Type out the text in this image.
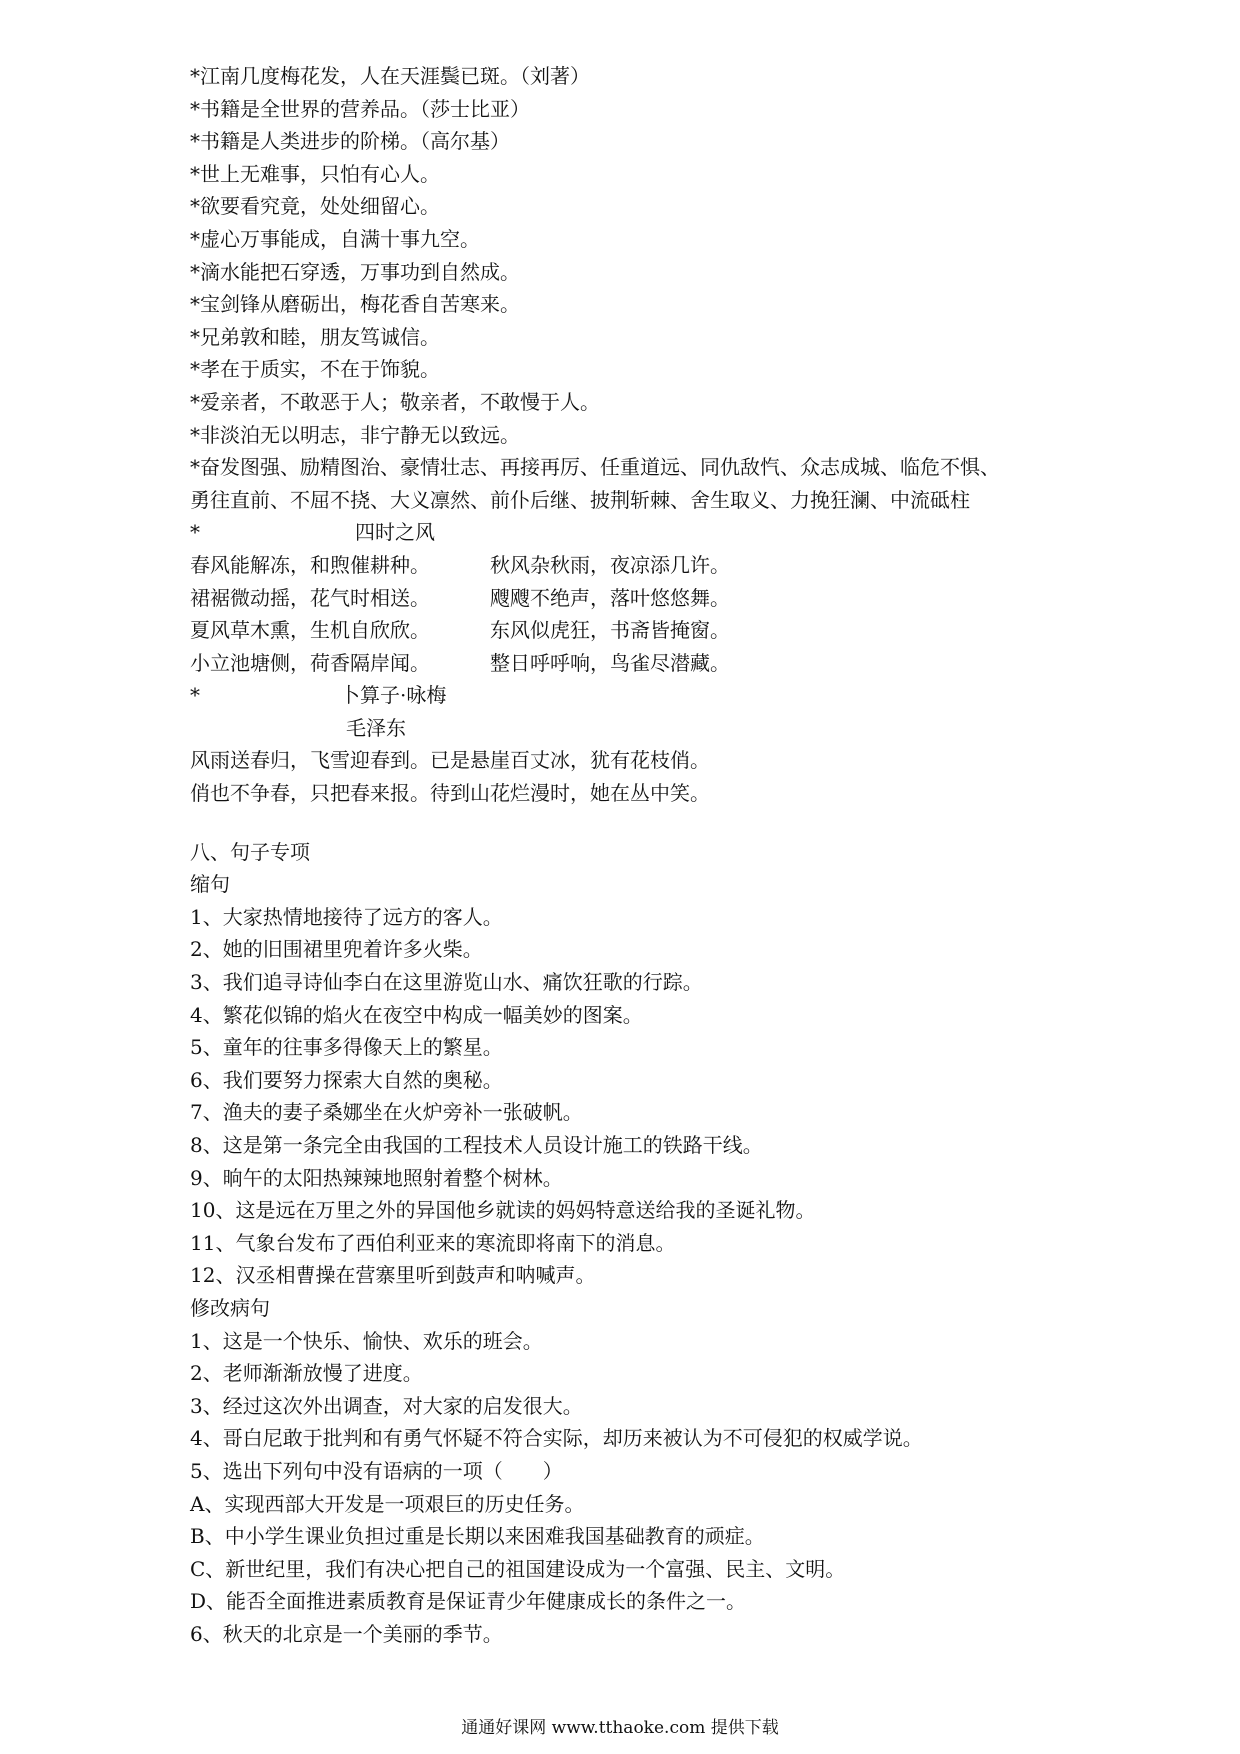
*江南几度梅花发，人在天涯鬓已斑。（刘著）
*书籍是全世界的营养品。（莎士比亚）
*书籍是人类进步的阶梯。（高尔基）
*世上无难事，只怕有心人。
*欲要看究竟，处处细留心。
*虚心万事能成，自满十事九空。
*滴水能把石穿透，万事功到自然成。
*宝剑锋从磨砺出，梅花香自苦寒来。
*兄弟敦和睦，朋友笃诚信。
*孝在于质实，不在于饰貌。
*爱亲者，不敢恶于人；敬亲者，不敢慢于人。
*非淡泊无以明志，非宁静无以致远。
*奋发图强、励精图治、豪情壮志、再接再厉、任重道远、同仇敌忾、众志成城、临危不惧、
勇往直前、不屈不挠、大义凛然、前仆后继、披荆斩棘、舍生取义、力挽狂澜、中流砥柱
*	四时之风
春风能解冻，和煦催耕种。	秋风杂秋雨，夜凉添几许。
裙裾微动摇，花气时相送。	飕飕不绝声，落叶悠悠舞。
夏风草木熏，生机自欣欣。	东风似虎狂，书斋皆掩窗。
小立池塘侧，荷香隔岸闻。	整日呼呼响，鸟雀尽潜藏。
*	卜算子·咏梅
毛泽东
风雨送春归，飞雪迎春到。已是悬崖百丈冰，犹有花枝俏。
俏也不争春，只把春来报。待到山花烂漫时，她在丛中笑。
八、句子专项
缩句
1、大家热情地接待了远方的客人。
2、她的旧围裙里兜着许多火柴。
3、我们追寻诗仙李白在这里游览山水、痛饮狂歌的行踪。
4、繁花似锦的焰火在夜空中构成一幅美妙的图案。
5、童年的往事多得像天上的繁星。
6、我们要努力探索大自然的奥秘。
7、渔夫的妻子桑娜坐在火炉旁补一张破帆。
8、这是第一条完全由我国的工程技术人员设计施工的铁路干线。
9、晌午的太阳热辣辣地照射着整个树林。
10、这是远在万里之外的异国他乡就读的妈妈特意送给我的圣诞礼物。
11、气象台发布了西伯利亚来的寒流即将南下的消息。
12、汉丞相曹操在营寨里听到鼓声和呐喊声。
修改病句
1、这是一个快乐、愉快、欢乐的班会。
2、老师渐渐放慢了进度。
3、经过这次外出调查，对大家的启发很大。
4、哥白尼敢于批判和有勇气怀疑不符合实际，却历来被认为不可侵犯的权威学说。
5、选出下列句中没有语病的一项（　　）
A、实现西部大开发是一项艰巨的历史任务。
B、中小学生课业负担过重是长期以来困难我国基础教育的顽症。
C、新世纪里，我们有决心把自己的祖国建设成为一个富强、民主、文明。
D、能否全面推进素质教育是保证青少年健康成长的条件之一。
6、秋天的北京是一个美丽的季节。
通通好课网 www.tthaoke.com 提供下载
